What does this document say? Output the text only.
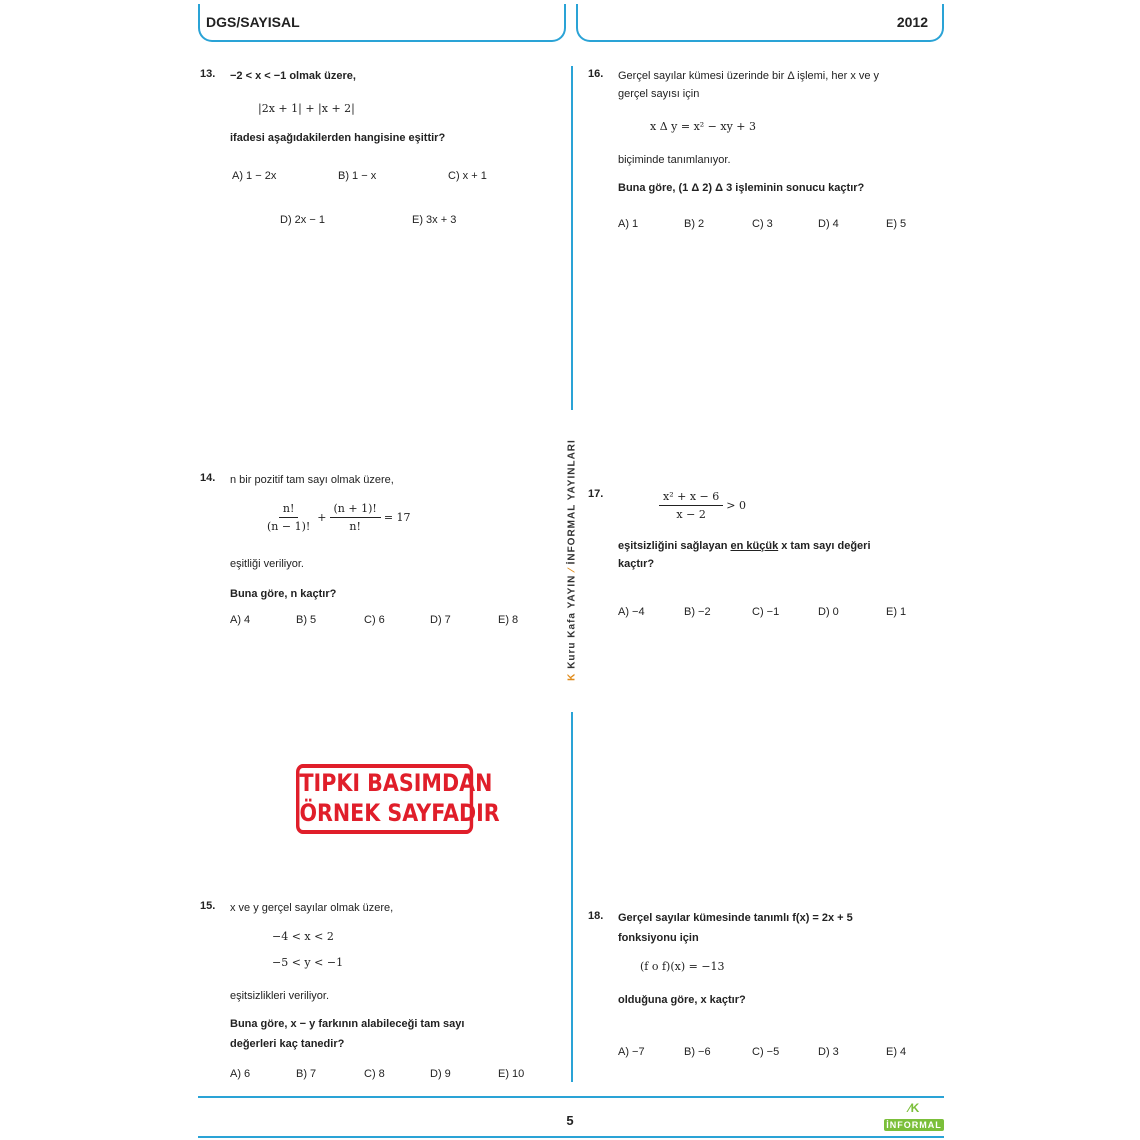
DGS/SAYISAL	2012
K Kuru Kafa YAYIN ⁄ İNFORMAL YAYINLARI
13. −2 < x < −1 olmak üzere,
|2x + 1| + |x + 2|
ifadesi aşağıdakilerden hangisine eşittir?
A) 1 − 2x	B) 1 − x	C) x + 1
D) 2x − 1	E) 3x + 3
14. n bir pozitif tam sayı olmak üzere,
$\frac{n!}{(n - 1)!} + \frac{(n + 1)!}{n!} = 17$
eşitliği veriliyor.
Buna göre, n kaçtır?
A) 4	B) 5	C) 6	D) 7	E) 8
TIPKI BASIMDAN
ÖRNEK SAYFADIR
15. x ve y gerçel sayılar olmak üzere,
−4 < x < 2
−5 < y < −1
eşitsizlikleri veriliyor.
Buna göre, x − y farkının alabileceği tam sayı
değerleri kaç tanedir?
A) 6	B) 7	C) 8	D) 9	E) 10
16. Gerçel sayılar kümesi üzerinde bir Δ işlemi, her x ve y
gerçel sayısı için
x Δ y = x² − xy + 3
biçiminde tanımlanıyor.
Buna göre, (1 Δ 2) Δ 3 işleminin sonucu kaçtır?
A) 1	B) 2	C) 3	D) 4	E) 5
17.	$\frac{\text{x² + x − 6}}{x - 2} > 0$
eşitsizliğini sağlayan en küçük x tam sayı değeri
kaçtır?
A) −4	B) −2	C) −1	D) 0	E) 1
18. Gerçel sayılar kümesinde tanımlı f(x) = 2x + 5
fonksiyonu için
(f o f)(x) = −13
olduğuna göre, x kaçtır?
A) −7	B) −6	C) −5	D) 3	E) 4
5
⁄K
İNFORMAL
